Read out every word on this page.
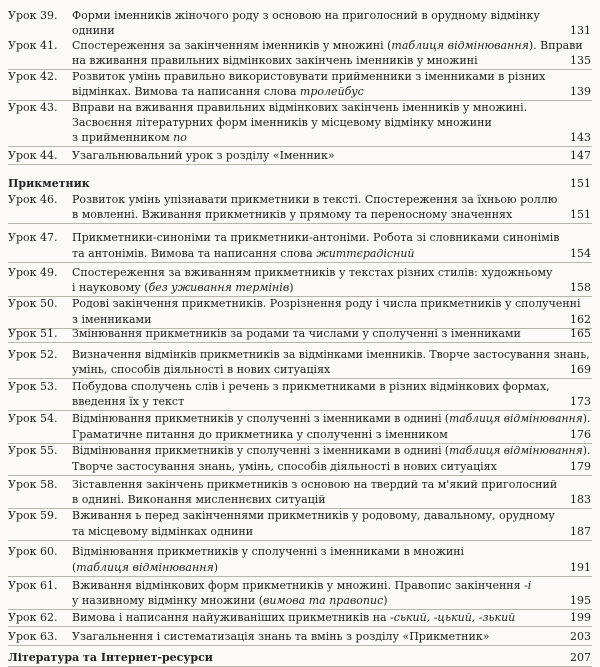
Урок 39. Форми іменників жіночого роду з основою на приголосний в орудному відмінку
однини	131
Урок 41. Спостереження за закінченням іменників у множині (таблиця відмінювання). Вправи
на вживання правильних відмінкових закінчень іменників у множині	135
Урок 42. Розвиток умінь правильно використовувати прийменники з іменниками в різних
відмінках. Вимова та написання слова тролейбус	139
Урок 43. Вправи на вживання правильних відмінкових закінчень іменників у множині.
Засвоєння літературних форм іменників у місцевому відмінку множини
з прийменником по	143
Урок 44. Узагальнювальний урок з розділу «Іменник»	147
Прикметник	151
Урок 46. Розвиток умінь упізнавати прикметники в тексті. Спостереження за їхньою роллю
в мовленні. Вживання прикметників у прямому та переносному значеннях	151
Урок 47. Прикметники-синоніми та прикметники-антоніми. Робота зі словниками синонімів
та антонімів. Вимова та написання слова життєрадісний	154
Урок 49. Спостереження за вживанням прикметників у текстах різних стилів: художньому
і науковому (без уживання термінів)	158
Урок 50. Родові закінчення прикметників. Розрізнення роду і числа прикметників у сполученні
з іменниками	162
Урок 51. Змінювання прикметників за родами та числами у сполученні з іменниками	165
Урок 52. Визначення відмінків прикметників за відмінками іменників. Творче застосування знань,
умінь, способів діяльності в нових ситуаціях	169
Урок 53. Побудова сполучень слів і речень з прикметниками в різних відмінкових формах,
введення їх у текст	173
Урок 54. Відмінювання прикметників у сполученні з іменниками в однині (таблиця відмінювання).
Граматичне питання до прикметника у сполученні з іменником	176
Урок 55. Відмінювання прикметників у сполученні з іменниками в однині (таблиця відмінювання).
Творче застосування знань, умінь, способів діяльності в нових ситуаціях	179
Урок 58. Зіставлення закінчень прикметників з основою на твердий та м'який приголосний
в однині. Виконання мисленнєвих ситуацій	183
Урок 59. Вживання ь перед закінченнями прикметників у родовому, давальному, орудному
та місцевому відмінках однини	187
Урок 60. Відмінювання прикметників у сполученні з іменниками в множині
(таблиця відмінювання)	191
Урок 61. Вживання відмінкових форм прикметників у множині. Правопис закінчення -і
у називному відмінку множини (вимова та правопис)	195
Урок 62. Вимова і написання найуживаніших прикметників на -ський, -цький, -зький	199
Урок 63. Узагальнення і систематизація знань та вмінь з розділу «Прикметник»	203
Література та Інтернет-ресурси	207
